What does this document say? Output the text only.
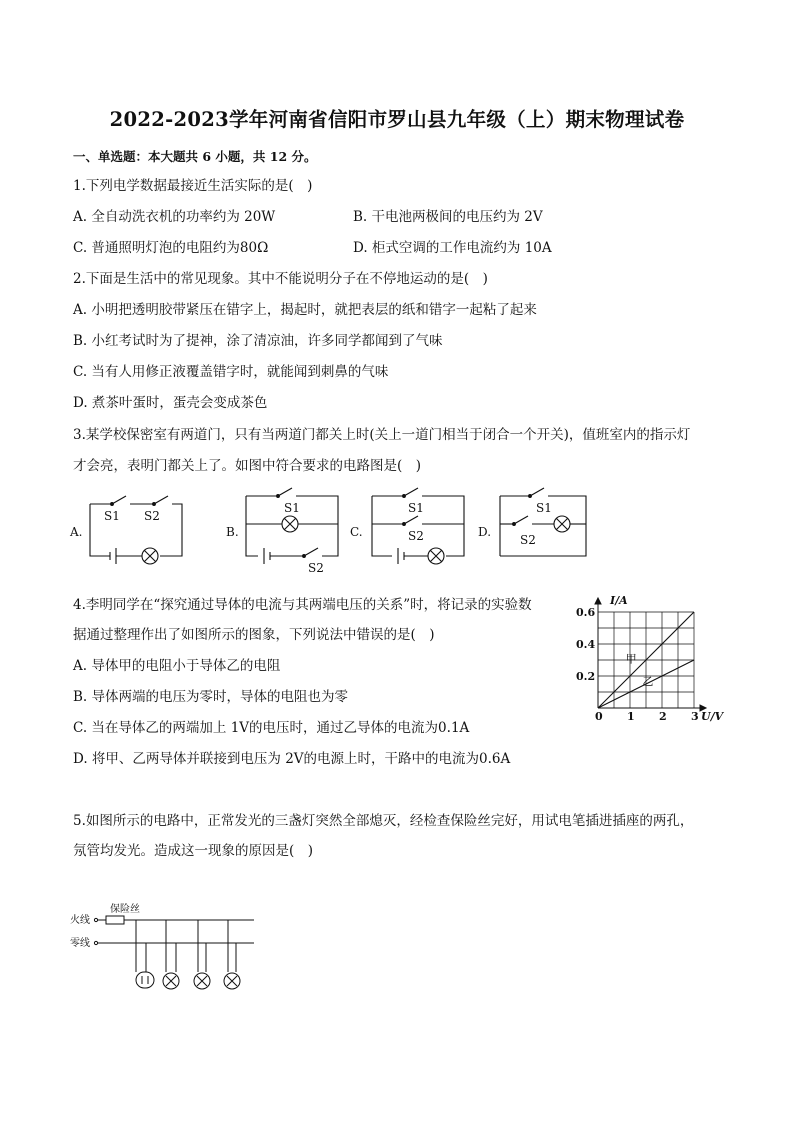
2022-2023学年河南省信阳市罗山县九年级（上）期末物理试卷
一、单选题：本大题共 6 小题，共 12 分。
1.下列电学数据最接近生活实际的是(　)
A. 全自动洗衣机的功率约为 20W	B. 干电池两极间的电压约为 2V
C. 普通照明灯泡的电阻约为80Ω	D. 柜式空调的工作电流约为 10A
2.下面是生活中的常见现象。其中不能说明分子在不停地运动的是(　)
A. 小明把透明胶带紧压在错字上，揭起时，就把表层的纸和错字一起粘了起来
B. 小红考试时为了提神，涂了清凉油，许多同学都闻到了气味
C. 当有人用修正液覆盖错字时，就能闻到刺鼻的气味
D. 煮茶叶蛋时，蛋壳会变成茶色
3.某学校保密室有两道门，只有当两道门都关上时(关上一道门相当于闭合一个开关)，值班室内的指示灯
才会亮，表明门都关上了。如图中符合要求的电路图是(　)
A.
S1 S2
B.
S1
S2
C.
S1
S2	D.
S1
S2
4.李明同学在“探究通过导体的电流与其两端电压的关系”时，将记录的实验数
据通过整理作出了如图所示的图象，下列说法中错误的是(　)
A. 导体甲的电阻小于导体乙的电阻
B. 导体两端的电压为零时，导体的电阻也为零
C. 当在导体乙的两端加上 1V的电压时，通过乙导体的电流为0.1A
D. 将甲、乙两导体并联接到电压为 2V的电源上时，干路中的电流为0.6A
I/A
U/V
0 1 2 3
0.2
0.4
0.6
甲
乙
5.如图所示的电路中，正常发光的三盏灯突然全部熄灭，经检查保险丝完好，用试电笔插进插座的两孔，
氖管均发光。造成这一现象的原因是(　)
火线
零线
保险丝
